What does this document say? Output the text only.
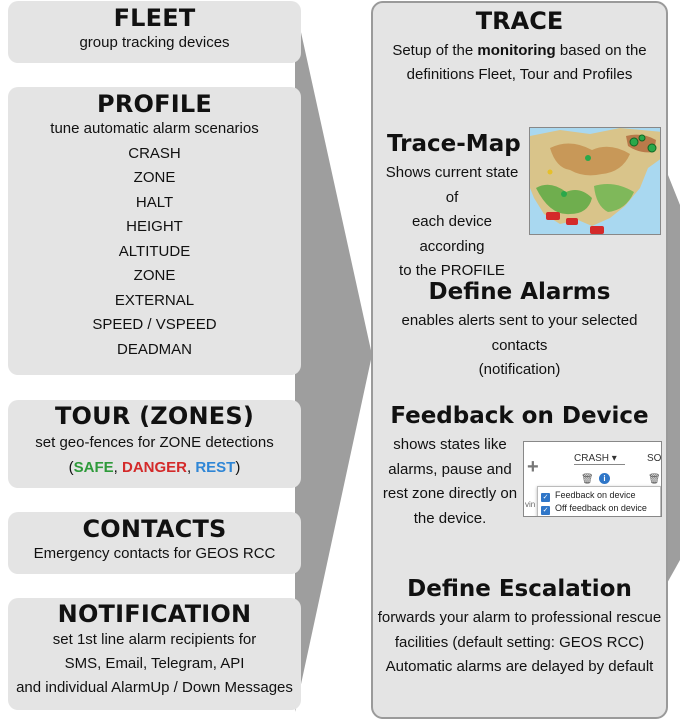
FLEET
group tracking devices
PROFILE
tune automatic alarm scenarios
CRASH
ZONE
HALT
HEIGHT
ALTITUDE
ZONE
EXTERNAL
SPEED / VSPEED
DEADMAN
TOUR (ZONES)
set geo-fences for ZONE detections
(SAFE, DANGER, REST)
CONTACTS
Emergency contacts for GEOS RCC
NOTIFICATION
set 1st line alarm recipients for
SMS, Email, Telegram, API
and individual AlarmUp / Down Messages
TRACE
Setup of the monitoring based on the definitions Fleet, Tour and Profiles
Trace-Map
Shows current state of
each device according
to the PROFILE
Define Alarms
enables alerts sent to your selected contacts
(notification)
Feedback on Device
shows states like
alarms, pause and
rest zone directly on
the device.
+	CRASH ▾	SO
🗑	i	🗑
✓ Feedback on device
✓ Off feedback on device
vin
Define Escalation
forwards your alarm to professional rescue
facilities (default setting: GEOS RCC)
Automatic alarms are delayed by default
